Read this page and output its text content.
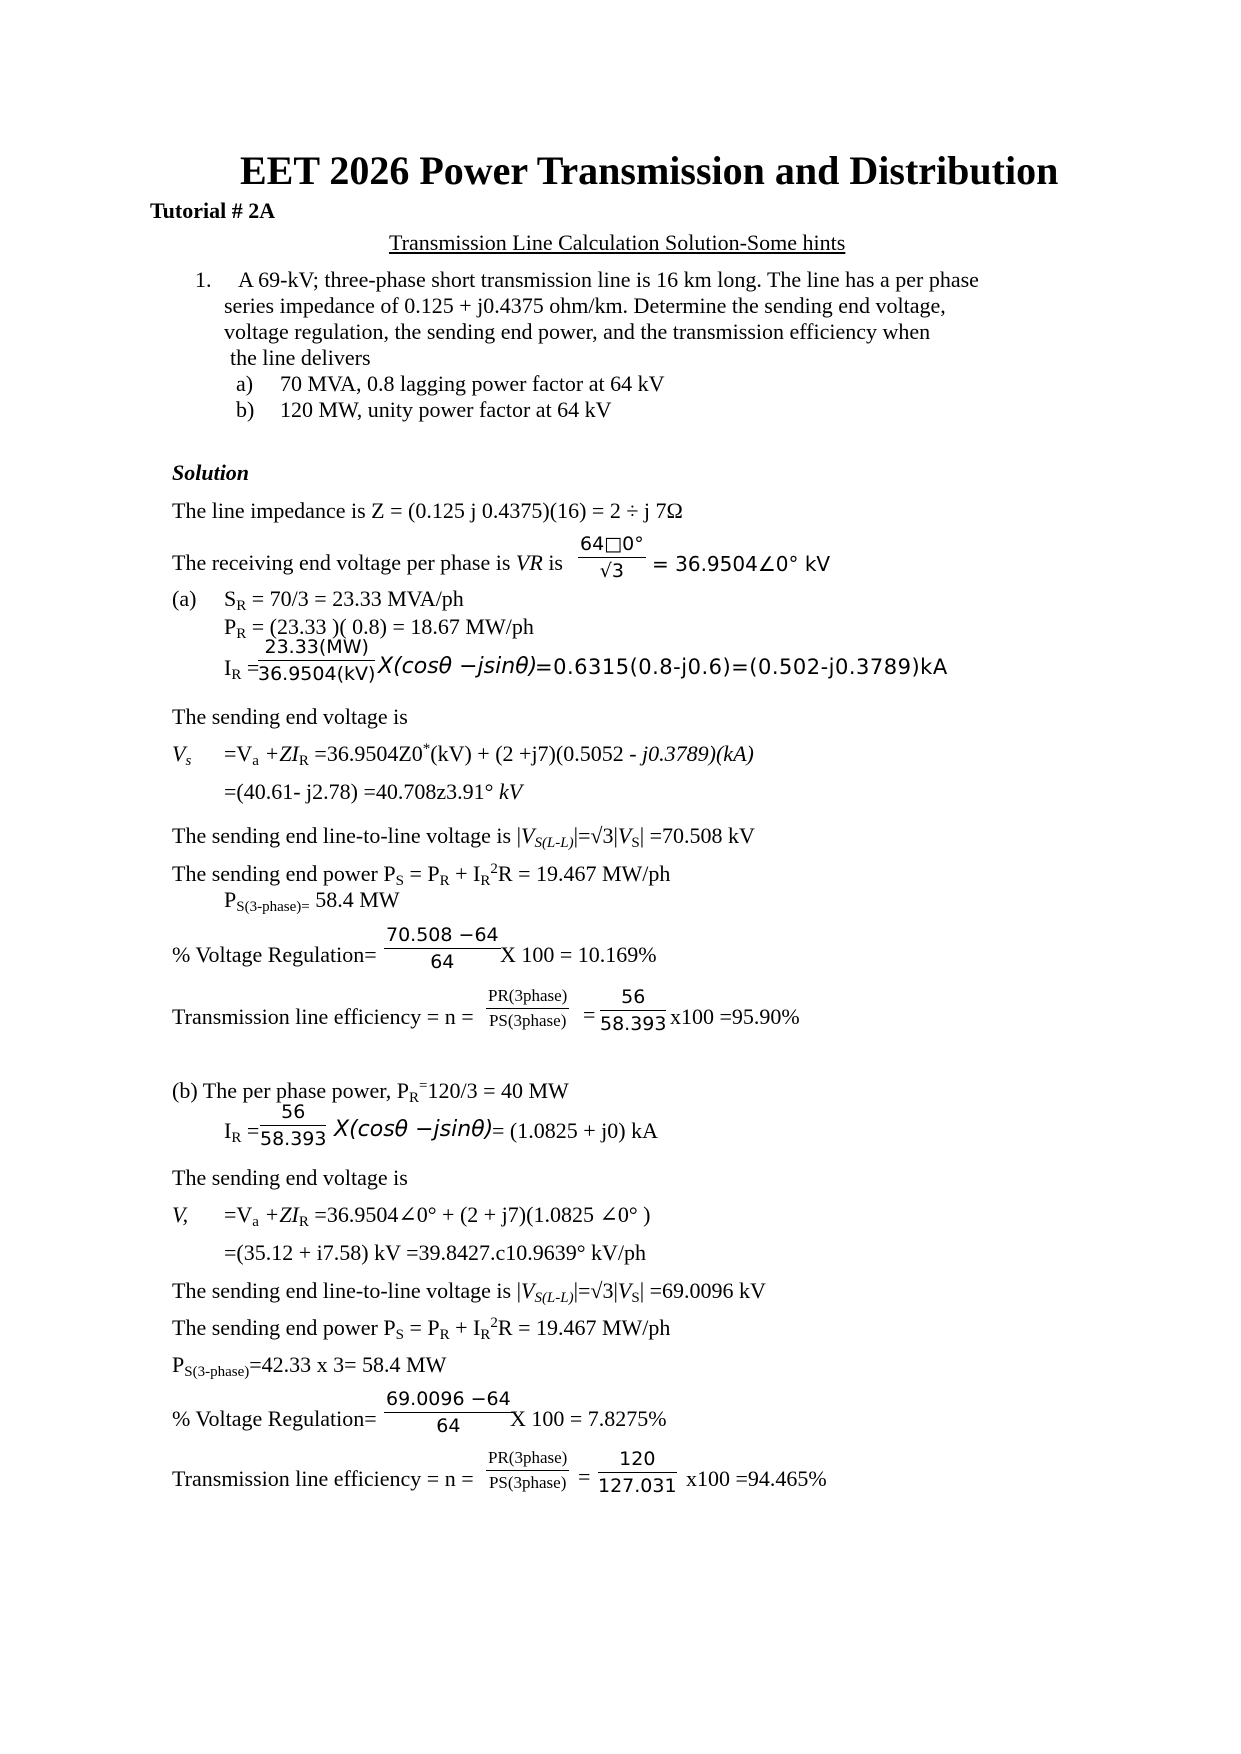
EET 2026 Power Transmission and Distribution
Tutorial # 2A
Transmission Line Calculation Solution-Some hints
1. A 69-kV; three-phase short transmission line is 16 km long. The line has a per phase
series impedance of 0.125 + j0.4375 ohm/km. Determine the sending end voltage,
voltage regulation, the sending end power, and the transmission efficiency when
the line delivers
a) 70 MVA, 0.8 lagging power factor at 64 kV
b) 120 MW, unity power factor at 64 kV
Solution
The line impedance is Z = (0.125 j 0.4375)(16) = 2 ÷ j 7Ω
The receiving end voltage per phase is VR is $\frac{64□0^\circ}{√3}$ = 36.9504∠0° kV
(a) $S_R = 70/3 = 23.33$ MVA/ph
$P_R = (23.33$ )( 0.8) = 18.67 MW/ph
$I_R$ =
$\frac{23.33(MW)}{36.9504(kV)} X(\cos\theta -jsin\theta)$
=0.6315(0.8-j0.6)=(0.502-j0.3789)kA
The sending end voltage is
$V_s =V_a +ZI_R =36.9504Z0^*(kV) + (2 +j7)(0.5052 - j0.3789)(kA)$
=(40.61- j2.78) =40.708z3.91° kV
The sending end line-to-line voltage is $|V_{S(L-L)}|=√3|V_S| =70.508$ kV
The sending end power $P_S = P_R + I_R^2R = 19.467$ MW/ph
$P_{S(3-phase)=}$ 58.4 MW
% Voltage Regulation= $\frac{70.508 -64}{64}$ X 100 = 10.169%
Transmission line efficiency = n =
PR(3phase)
PS(3phase) = $\frac{56}{58.393} x100 =95.90\%$
(b) The per phase power, $P_R^=120/3 = 40$ MW
$I_R = \frac{56}{58.393} X(\cos\theta -jsin\theta)$
= (1.0825 + j0) kA
The sending end voltage is
V, $=V_a +ZI_R$ =36.9504∠0° + (2 + j7)(1.0825 ∠0° )
=(35.12 + i7.58) kV =39.8427.c10.9639° kV/ph
The sending end line-to-line voltage is $|V_{S(L-L)}|=√3|V_S| =69.0096$ kV
The sending end power $P_S = P_R + I_R^2R = 19.467$ MW/ph
$P_{S(3-phase)}=42.33$ x 3= 58.4 MW
% Voltage Regulation= $\frac{69.0096 -64}{64}$
X 100 = 7.8275%
Transmission line efficiency = n =
PR(3phase)
PS(3phase) = $\frac{120}{127.031} x100 =94.465\%$
